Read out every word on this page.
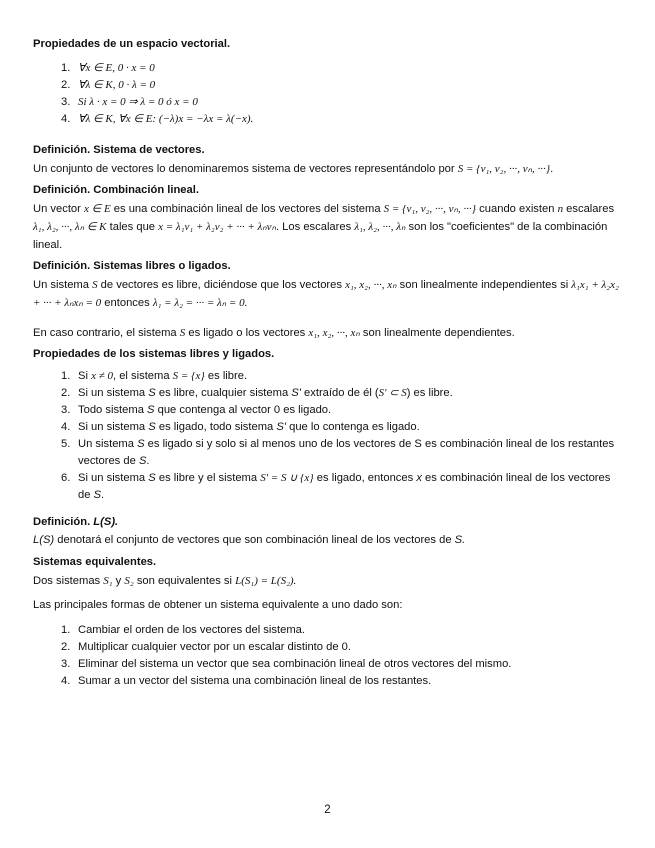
Propiedades de un espacio vectorial.

1. ∀x ∈ E, 0 · x = 0
2. ∀λ ∈ K, 0 · λ = 0
3. Si λ · x = 0 ⇒ λ = 0 ó x = 0
4. ∀λ ∈ K, ∀x ∈ E: (−λ)x = −λx = λ(−x).

Definición. Sistema de vectores.

Un conjunto de vectores lo denominaremos sistema de vectores representándolo por S = {v₁, v₂, ···, vₙ, ···}.

Definición. Combinación lineal.

Un vector x ∈ E es una combinación lineal de los vectores del sistema S = {v₁, v₂, ···, vₙ, ···} cuando existen n escalares λ₁, λ₂, ···, λₙ ∈ K tales que x = λ₁v₁ + λ₂v₂ + ··· + λₙvₙ. Los escalares λ₁, λ₂, ···, λₙ son los "coeficientes" de la combinación lineal.

Definición. Sistemas libres o ligados.

Un sistema S de vectores es libre, diciéndose que los vectores x₁, x₂, ···, xₙ son linealmente independientes si λ₁x₁ + λ₂x₂ + ··· + λₙxₙ = 0 entonces λ₁ = λ₂ = ··· = λₙ = 0.

En caso contrario, el sistema S es ligado o los vectores x₁, x₂, ···, xₙ son linealmente dependientes.

Propiedades de los sistemas libres y ligados.

1. Si x ≠ 0, el sistema S = {x} es libre.
2. Si un sistema S es libre, cualquier sistema S' extraído de él (S' ⊂ S) es libre.
3. Todo sistema S que contenga al vector 0 es ligado.
4. Si un sistema S es ligado, todo sistema S' que lo contenga es ligado.
5. Un sistema S es ligado si y solo si al menos uno de los vectores de S es combinación lineal de los restantes vectores de S.
6. Si un sistema S es libre y el sistema S' = S ∪ {x} es ligado, entonces x es combinación lineal de los vectores de S.

Definición. L(S).

L(S) denotará el conjunto de vectores que son combinación lineal de los vectores de S.

Sistemas equivalentes.

Dos sistemas S₁ y S₂ son equivalentes si L(S₁) = L(S₂).

Las principales formas de obtener un sistema equivalente a uno dado son:

1. Cambiar el orden de los vectores del sistema.
2. Multiplicar cualquier vector por un escalar distinto de 0.
3. Eliminar del sistema un vector que sea combinación lineal de otros vectores del mismo.
4. Sumar a un vector del sistema una combinación lineal de los restantes.
2
